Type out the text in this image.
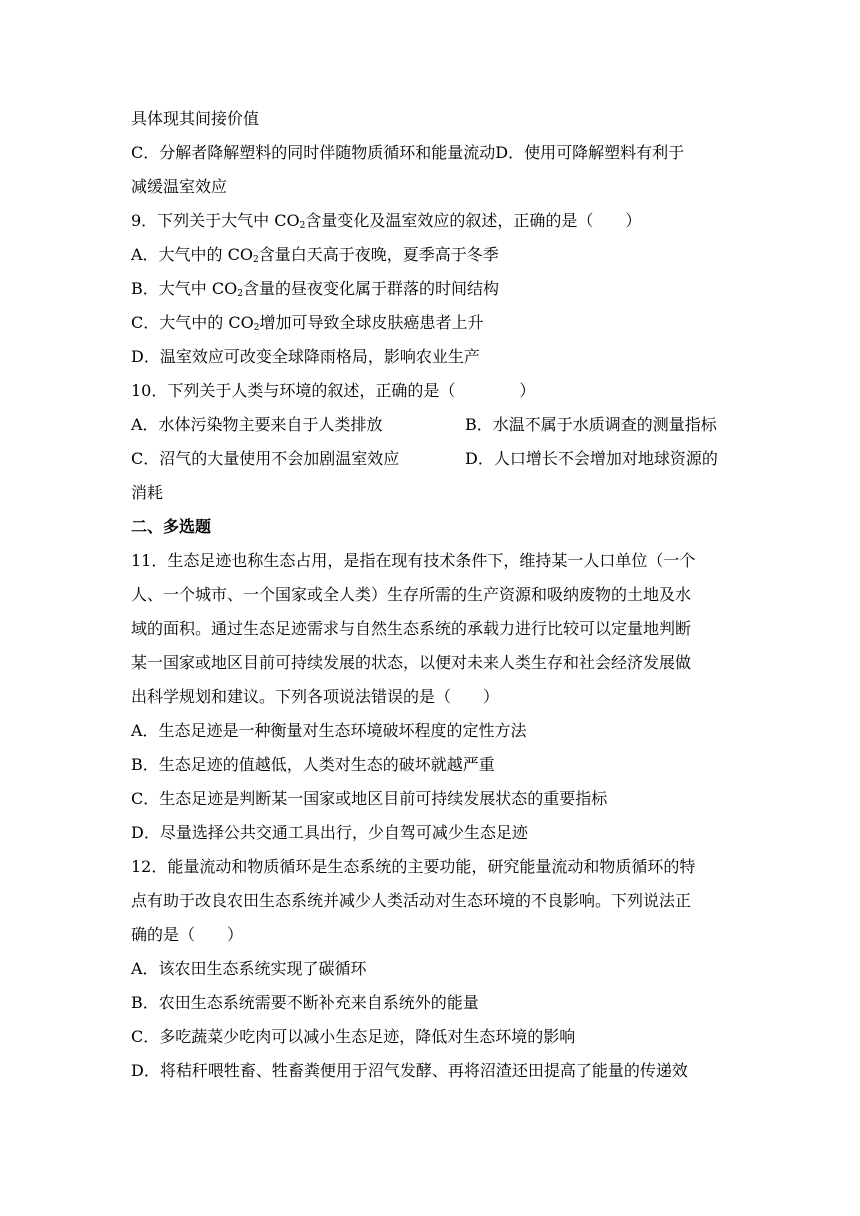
具体现其间接价值
C．分解者降解塑料的同时伴随物质循环和能量流动D．使用可降解塑料有利于
减缓温室效应
9．下列关于大气中 $CO_2$含量变化及温室效应的叙述，正确的是（　　）
A．大气中的 $CO_2$含量白天高于夜晚，夏季高于冬季
B．大气中 $CO_2$含量的昼夜变化属于群落的时间结构
C．大气中的 $CO_2$增加可导致全球皮肤癌患者上升
D．温室效应可改变全球降雨格局，影响农业生产
10．下列关于人类与环境的叙述，正确的是（　　　　）
A．水体污染物主要来自于人类排放	B．水温不属于水质调查的测量指标
C．沼气的大量使用不会加剧温室效应	D．人口增长不会增加对地球资源的
消耗
二、多选题
11．生态足迹也称生态占用，是指在现有技术条件下，维持某一人口单位（一个
人、一个城市、一个国家或全人类）生存所需的生产资源和吸纳废物的土地及水
域的面积。通过生态足迹需求与自然生态系统的承载力进行比较可以定量地判断
某一国家或地区目前可持续发展的状态，以便对未来人类生存和社会经济发展做
出科学规划和建议。下列各项说法错误的是（　　）
A．生态足迹是一种衡量对生态环境破坏程度的定性方法
B．生态足迹的值越低，人类对生态的破坏就越严重
C．生态足迹是判断某一国家或地区目前可持续发展状态的重要指标
D．尽量选择公共交通工具出行，少自驾可减少生态足迹
12．能量流动和物质循环是生态系统的主要功能，研究能量流动和物质循环的特
点有助于改良农田生态系统并减少人类活动对生态环境的不良影响。下列说法正
确的是（　　）
A．该农田生态系统实现了碳循环
B．农田生态系统需要不断补充来自系统外的能量
C．多吃蔬菜少吃肉可以减小生态足迹，降低对生态环境的影响
D．将秸秆喂牲畜、牲畜粪便用于沼气发酵、再将沼渣还田提高了能量的传递效
